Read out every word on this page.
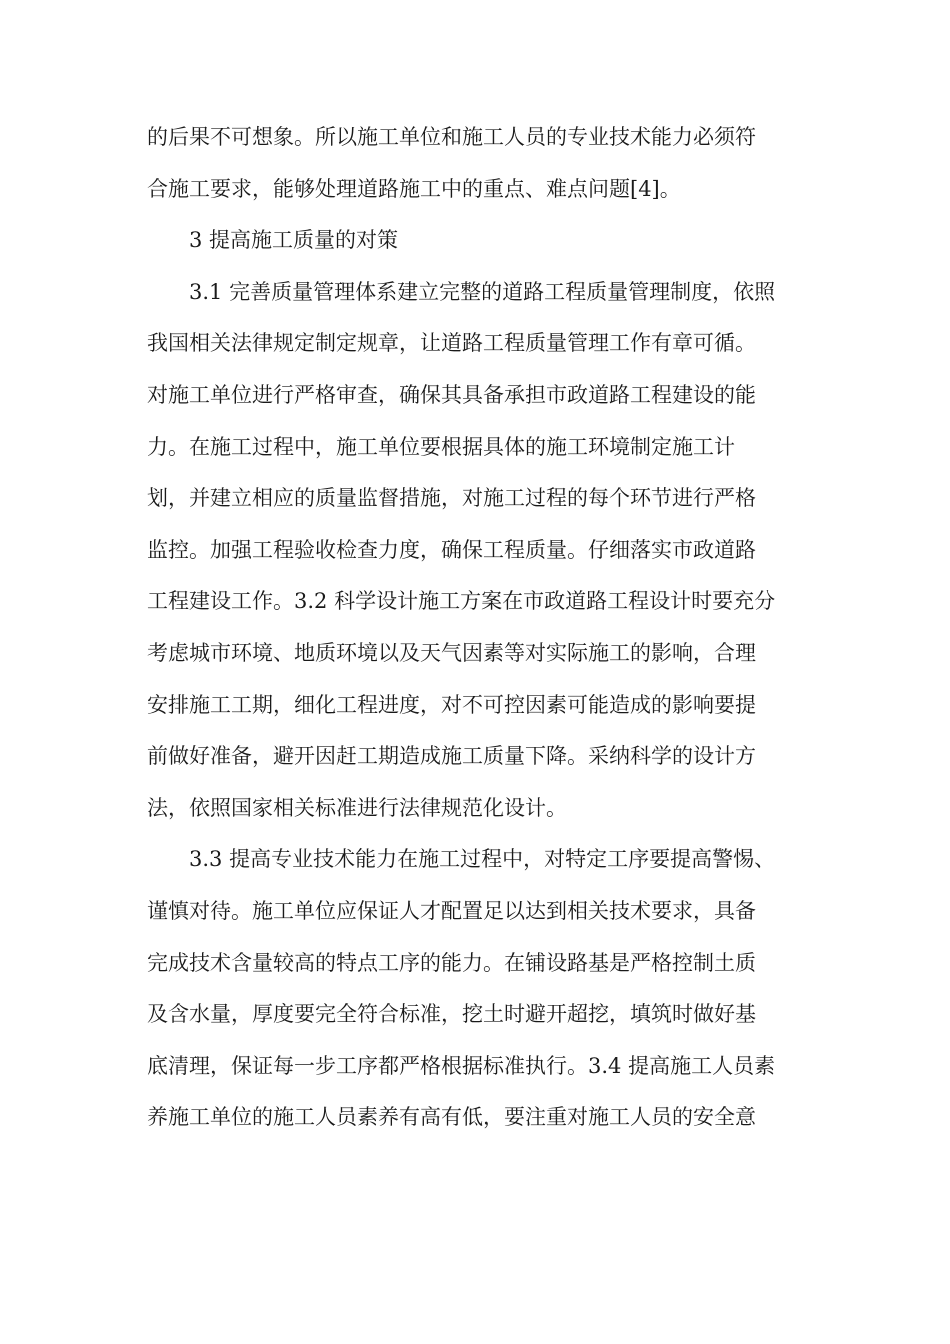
的后果不可想象。所以施工单位和施工人员的专业技术能力必须符
合施工要求，能够处理道路施工中的重点、难点问题[4]。
3 提高施工质量的对策
3.1 完善质量管理体系建立完整的道路工程质量管理制度，依照
我国相关法律规定制定规章，让道路工程质量管理工作有章可循。
对施工单位进行严格审查，确保其具备承担市政道路工程建设的能
力。在施工过程中，施工单位要根据具体的施工环境制定施工计
划，并建立相应的质量监督措施，对施工过程的每个环节进行严格
监控。加强工程验收检查力度，确保工程质量。仔细落实市政道路
工程建设工作。3.2 科学设计施工方案在市政道路工程设计时要充分
考虑城市环境、地质环境以及天气因素等对实际施工的影响，合理
安排施工工期，细化工程进度，对不可控因素可能造成的影响要提
前做好准备，避开因赶工期造成施工质量下降。采纳科学的设计方
法，依照国家相关标准进行法律规范化设计。
3.3 提高专业技术能力在施工过程中，对特定工序要提高警惕、
谨慎对待。施工单位应保证人才配置足以达到相关技术要求，具备
完成技术含量较高的特点工序的能力。在铺设路基是严格控制土质
及含水量，厚度要完全符合标准，挖土时避开超挖，填筑时做好基
底清理，保证每一步工序都严格根据标准执行。3.4 提高施工人员素
养施工单位的施工人员素养有高有低，要注重对施工人员的安全意
